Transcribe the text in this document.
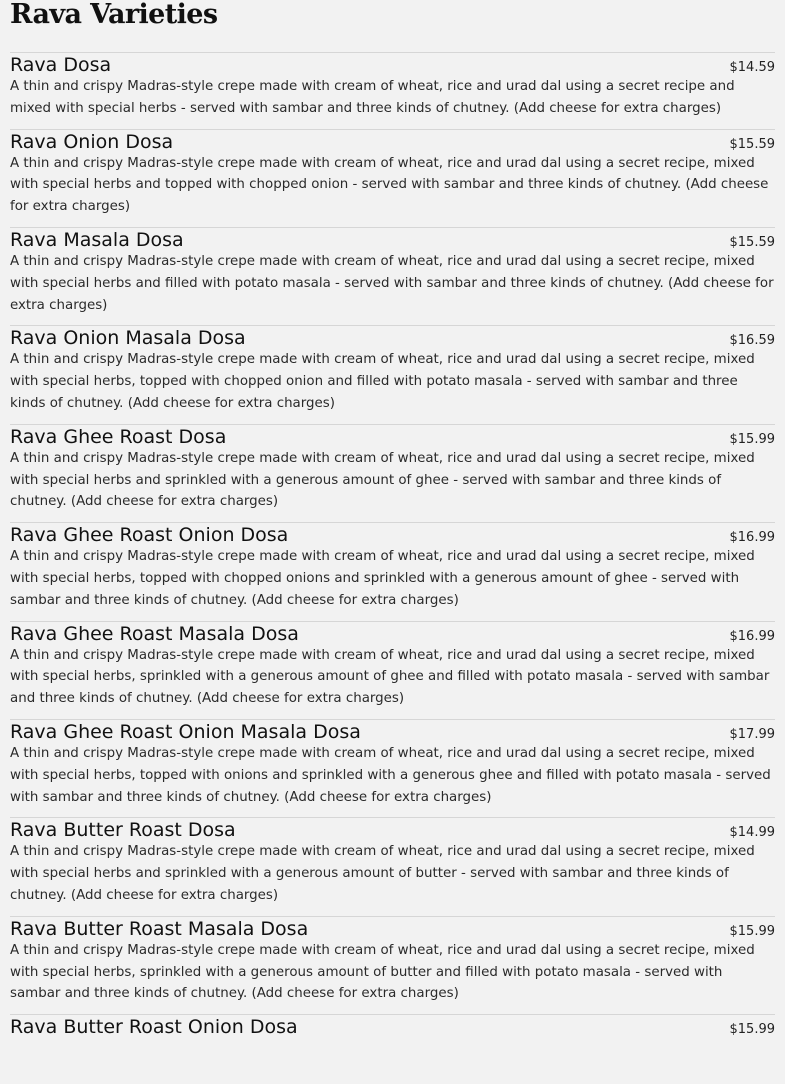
Rava Varieties
Rava Dosa	$14.59

A thin and crispy Madras-style crepe made with cream of wheat, rice and urad dal using a secret recipe and mixed with special herbs - served with sambar and three kinds of chutney. (Add cheese for extra charges)

Rava Onion Dosa	$15.59

A thin and crispy Madras-style crepe made with cream of wheat, rice and urad dal using a secret recipe, mixed with special herbs and topped with chopped onion - served with sambar and three kinds of chutney. (Add cheese for extra charges)

Rava Masala Dosa	$15.59

A thin and crispy Madras-style crepe made with cream of wheat, rice and urad dal using a secret recipe, mixed with special herbs and filled with potato masala - served with sambar and three kinds of chutney. (Add cheese for extra charges)

Rava Onion Masala Dosa	$16.59

A thin and crispy Madras-style crepe made with cream of wheat, rice and urad dal using a secret recipe, mixed with special herbs, topped with chopped onion and filled with potato masala - served with sambar and three kinds of chutney. (Add cheese for extra charges)

Rava Ghee Roast Dosa	$15.99

A thin and crispy Madras-style crepe made with cream of wheat, rice and urad dal using a secret recipe, mixed with special herbs and sprinkled with a generous amount of ghee - served with sambar and three kinds of chutney. (Add cheese for extra charges)

Rava Ghee Roast Onion Dosa	$16.99

A thin and crispy Madras-style crepe made with cream of wheat, rice and urad dal using a secret recipe, mixed with special herbs, topped with chopped onions and sprinkled with a generous amount of ghee - served with sambar and three kinds of chutney. (Add cheese for extra charges)

Rava Ghee Roast Masala Dosa	$16.99

A thin and crispy Madras-style crepe made with cream of wheat, rice and urad dal using a secret recipe, mixed with special herbs, sprinkled with a generous amount of ghee and filled with potato masala - served with sambar and three kinds of chutney. (Add cheese for extra charges)

Rava Ghee Roast Onion Masala Dosa	$17.99

A thin and crispy Madras-style crepe made with cream of wheat, rice and urad dal using a secret recipe, mixed with special herbs, topped with onions and sprinkled with a generous ghee and filled with potato masala - served with sambar and three kinds of chutney. (Add cheese for extra charges)

Rava Butter Roast Dosa	$14.99

A thin and crispy Madras-style crepe made with cream of wheat, rice and urad dal using a secret recipe, mixed with special herbs and sprinkled with a generous amount of butter - served with sambar and three kinds of chutney. (Add cheese for extra charges)

Rava Butter Roast Masala Dosa	$15.99

A thin and crispy Madras-style crepe made with cream of wheat, rice and urad dal using a secret recipe, mixed with special herbs, sprinkled with a generous amount of butter and filled with potato masala - served with sambar and three kinds of chutney. (Add cheese for extra charges)

Rava Butter Roast Onion Dosa	$15.99
